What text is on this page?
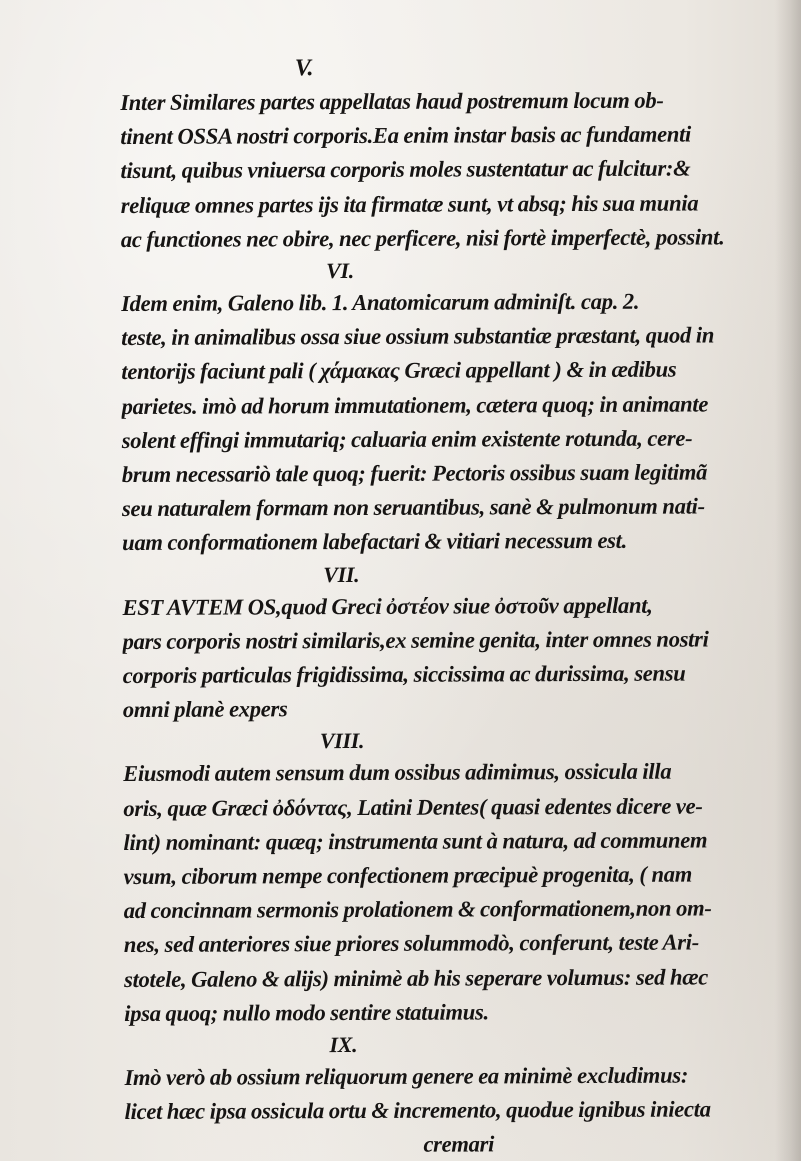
V.
Inter Similares partes appellatas haud postremum locum ob-
tinent OSSA nostri corporis.Ea enim instar basis ac fundamenti
tisunt, quibus vniuersa corporis moles sustentatur ac fulcitur:&
reliquæ omnes partes ijs ita firmatæ sunt, vt absq; his sua munia
ac functiones nec obire, nec perficere, nisi fortè imperfectè, possint.
VI.
Idem enim, Galeno lib. 1. Anatomicarum adminiſt. cap. 2.
teste, in animalibus ossa siue ossium substantiæ præstant, quod in
tentorijs faciunt pali ( χάμακας Græci appellant ) & in ædibus
parietes. imò ad horum immutationem, cætera quoq; in animante
solent effingi immutariq; caluaria enim existente rotunda, cere-
brum necessariò tale quoq; fuerit: Pectoris ossibus suam legitimã
seu naturalem formam non seruantibus, sanè & pulmonum nati-
uam conformationem labefactari & vitiari necessum est.
VII.
EST AVTEM OS,quod Greci ὀστέον siue ὀστοῦν appellant,
pars corporis nostri similaris,ex semine genita, inter omnes nostri
corporis particulas frigidissima, siccissima ac durissima, sensu
omni planè expers
VIII.
Eiusmodi autem sensum dum ossibus adimimus, ossicula illa
oris, quæ Græci ὀδόντας, Latini Dentes( quasi edentes dicere ve-
lint) nominant: quæq; instrumenta sunt à natura, ad communem
vsum, ciborum nempe confectionem præcipuè progenita, ( nam
ad concinnam sermonis prolationem & conformationem,non om-
nes, sed anteriores siue priores solummodò, conferunt, teste Ari-
stotele, Galeno & alijs) minimè ab his seperare volumus: sed hæc
ipsa quoq; nullo modo sentire statuimus.
IX.
Imò verò ab ossium reliquorum genere ea minimè excludimus:
licet hæc ipsa ossicula ortu & incremento, quodue ignibus iniecta
cremari
